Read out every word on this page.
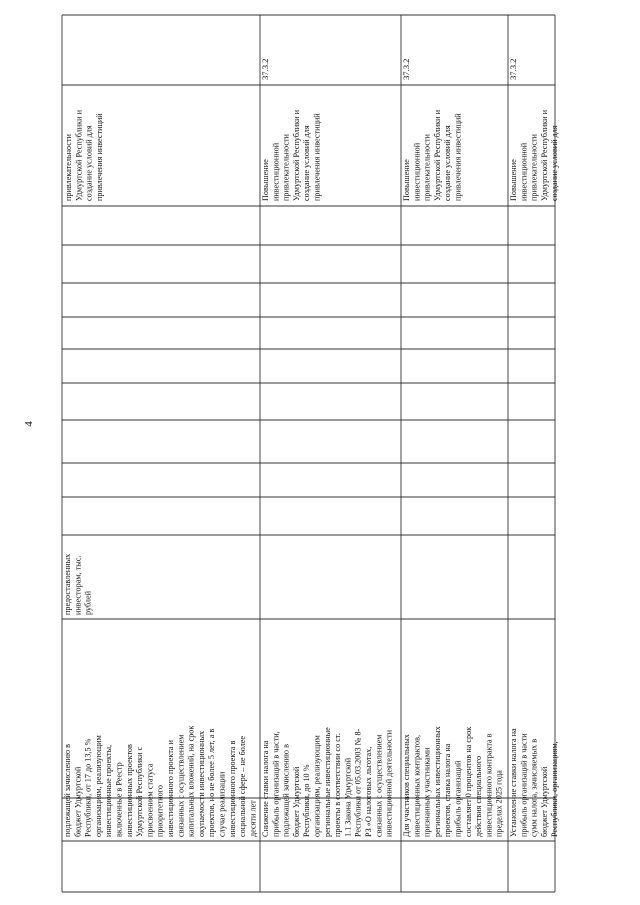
4
подлежащей зачислению в бюджет Удмуртской Республики, от 17 до 13,5 % организациям, реализующим инвестиционные проекты, включенные в Реестр инвестиционных проектов Удмуртской Республики с присвоением статуса приоритетного инвестиционного проекта и связанных с осуществлением капитальных вложений, на срок окупаемости инвестиционных проектов, но не более 5 лет, а в случае реализации инвестиционного проекта в социальной сфере – не более десяти лет
предоставленных инвесторам, тыс. рублей
привлекательности Удмуртской Республики и создание условий для привлечения инвестиций
Снижение ставки налога на прибыль организаций в части, подлежащей зачислению в бюджет Удмуртской Республики, до 10 % организациям, реализующим региональные инвестиционные проекты в соответствии со ст. 1.1 Закона Удмуртской Республики от 05.03.2003 № 8- РЗ «О налоговых льготах, связанных с осуществлением инвестиционной деятельности
Повышение инвестиционной привлекательности Удмуртской Республики и создание условий для привлечения инвестиций
37.3.2
Для участников специальных инвестиционных контрактов, признанных участниками региональных инвестиционных проектов, ставка налога на прибыль организаций составляет 0 процентов на срок действия специального инвестиционного контракта в пределах 2025 года
Повышение инвестиционной привлекательности Удмуртской Республики и создание условий для привлечения инвестиций
37.3.2
Установление ставки налога на прибыль организаций в части сумм налога, зачисляемых в бюджет Удмуртской Республики, организациям,
Повышение инвестиционной привлекательности Удмуртской Республики и создание условий для
37.3.2
